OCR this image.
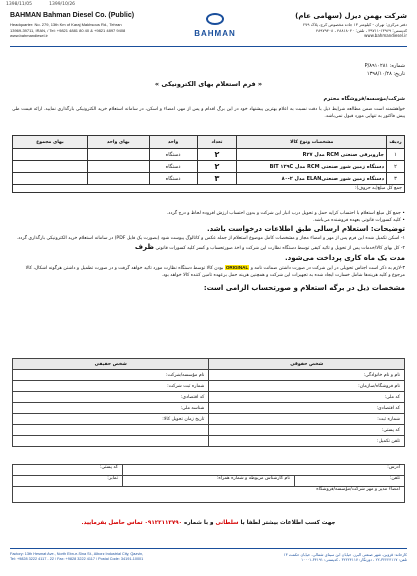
1398/11/05	1399/10/26
BAHMAN Bahman Diesel Co. (Public)
BAHMAN
شرکت بهمن دیزل (سهامی عام)
Headquarter: No. 279, 13th Km of Karaj Makhsous Rd., Tehran
13969-39711, IRAN, / Tel: +9821 4881 80 40 & +9821 4897 9408
www.bahmandiesel.ir
دفتر مرکزی: تهران - کیلومتر ۱۳ جاده مخصوص کرج، پلاک ۲۷۹
کدپستی: ۱۳۹۶۹-۳۹۷۱۱ ، تلفن: ۴۸۸۱۸۰۴۰ ، ۴۸۹۷۹۴۰۸
www.bahmandiesel.ir
شماره: P/۸۹۱۰۲۸۱
تاریخ: ۱۳۹۸/۱۰/۲۸
« فرم استعلام بهای الکترونیکی »
شرکت/مؤسسه/فروشگاه محترم
خواهشمند است ضمن مطالعه شرایط ذیل با دقت نسبت به اعلام بهترین پیشنهاد خود در این برگ اقدام و پس از مهر، امضاء و اسکن، در سامانه استعلام خرید الکترونیکی بارگذاری نمایید. ارائه قیمت طی پیش فاکتور به تنهایی مورد قبول نمی‌باشد.
ردیف	مشخصات ونوع کالا	تعداد	واحد	بهای واحد	بهای مجموع
۱	جاروبرقی صنعتی RCM مدل R۲۷	۲	دستگاه		
۲	دستگاه زمین شور صنعتی RCM مدل BIT ۱۲۹C	۲	دستگاه		
۳	دستگاه زمین شور صنعتیELAN مدل ۲-۸۰	۳	دستگاه		
جمع کل مبلغ(به حروف):					
• جمع کل مبلغ استعلام با احتساب کرایه حمل و تحویل درب انبار این شرکت و بدون احتساب ارزش افزوده لحاظ و درج گردد.
• کلیه کسورات قانونی بعهده فروشنده می‌باشد.
توضیحات: استعلام ارسالی طبق اطلاعات درخواست باشد.
۱- اسکن تکمیل شده این فرم پس از مهر و امضاء مجاز و مشخصات کامل موضوع استعلام از جمله عکس و کاتالوگ پیوست شود (بصورت یک فایل PDF) در سامانه استعلام خرید الکترونیکی بارگذاری گردد.
۲- کل بهای کالا/خدمات پس از تحویل و تائید کیفی توسط دستگاه نظارت این شرکت و اخذ صورتحساب و کسر کلیه کسورات قانونی ظرف
مدت یک ماه کاری پرداخت می‌شود.
۳-لازم به ذکر است اجناس تحویلی در این شرکت در صورت داشتن ضمانت نامه و ORIGINAL بودن کالا توسط دستگاه نظارت مورد تائید خواهد گرفت و در صورت تطمیل و داشتن هرگونه اشکال، کالا مرجوع و کلیه هزینه‌ها شامل خسارت ایجاد شده به تجهیزات این شرکت و همچنین هزینه حمل برعهده تامین کننده کالا خواهد بود.
مشخصات ذیل در برگه استعلام و صورتحساب الزامی است:
شخص حقوقی	شخص حقیقی
نام و نام خانوادگی:	نام مؤسسه/شرکت:
نام فروشگاه/سازمان:	شماره ثبت شرکت:
کد ملی:	کد اقتصادی:
کد اقتصادی:	شناسه ملی:
شماره ثبت:	تاریخ زمان تحویل کالا:
کد پستی:	
تلفن تکمیل:	
آدرس:		کد پستی:
تلفن:	نام کارشناس مربوطه و شماره همراه:	تمابر:
امضاء مدیر و مهر شرکت/مؤسسه/فروشگاه		
جهت کسب اطلاعات بیشتر لطفا با سلطانی و با شماره ۰۹۱۲۲۱۱۳۷۹۰ تماس حاصل بفرمایید.
Factory: 13th Hesmat Ave., North Ebn-e-Sina St., Alborz Industrial City, Qazvin,
Tel: +9828 3222 4117 - 22 / Fax: +9828 3222 4117 / Postal Code: 34191-10001
کارخانه: قزوین، شهر صنعتی البرز، خیابان ابن سینای شمالی، خیابان حکمت ۱۳
تلفن: ۳۲۲۲۴۱۱۷-۲۲ ، دورنگار: ۳۲۲۲۴۱۱۷ ، کدپستی: ۳۴۱۹۱-۱۰۰۰۱
